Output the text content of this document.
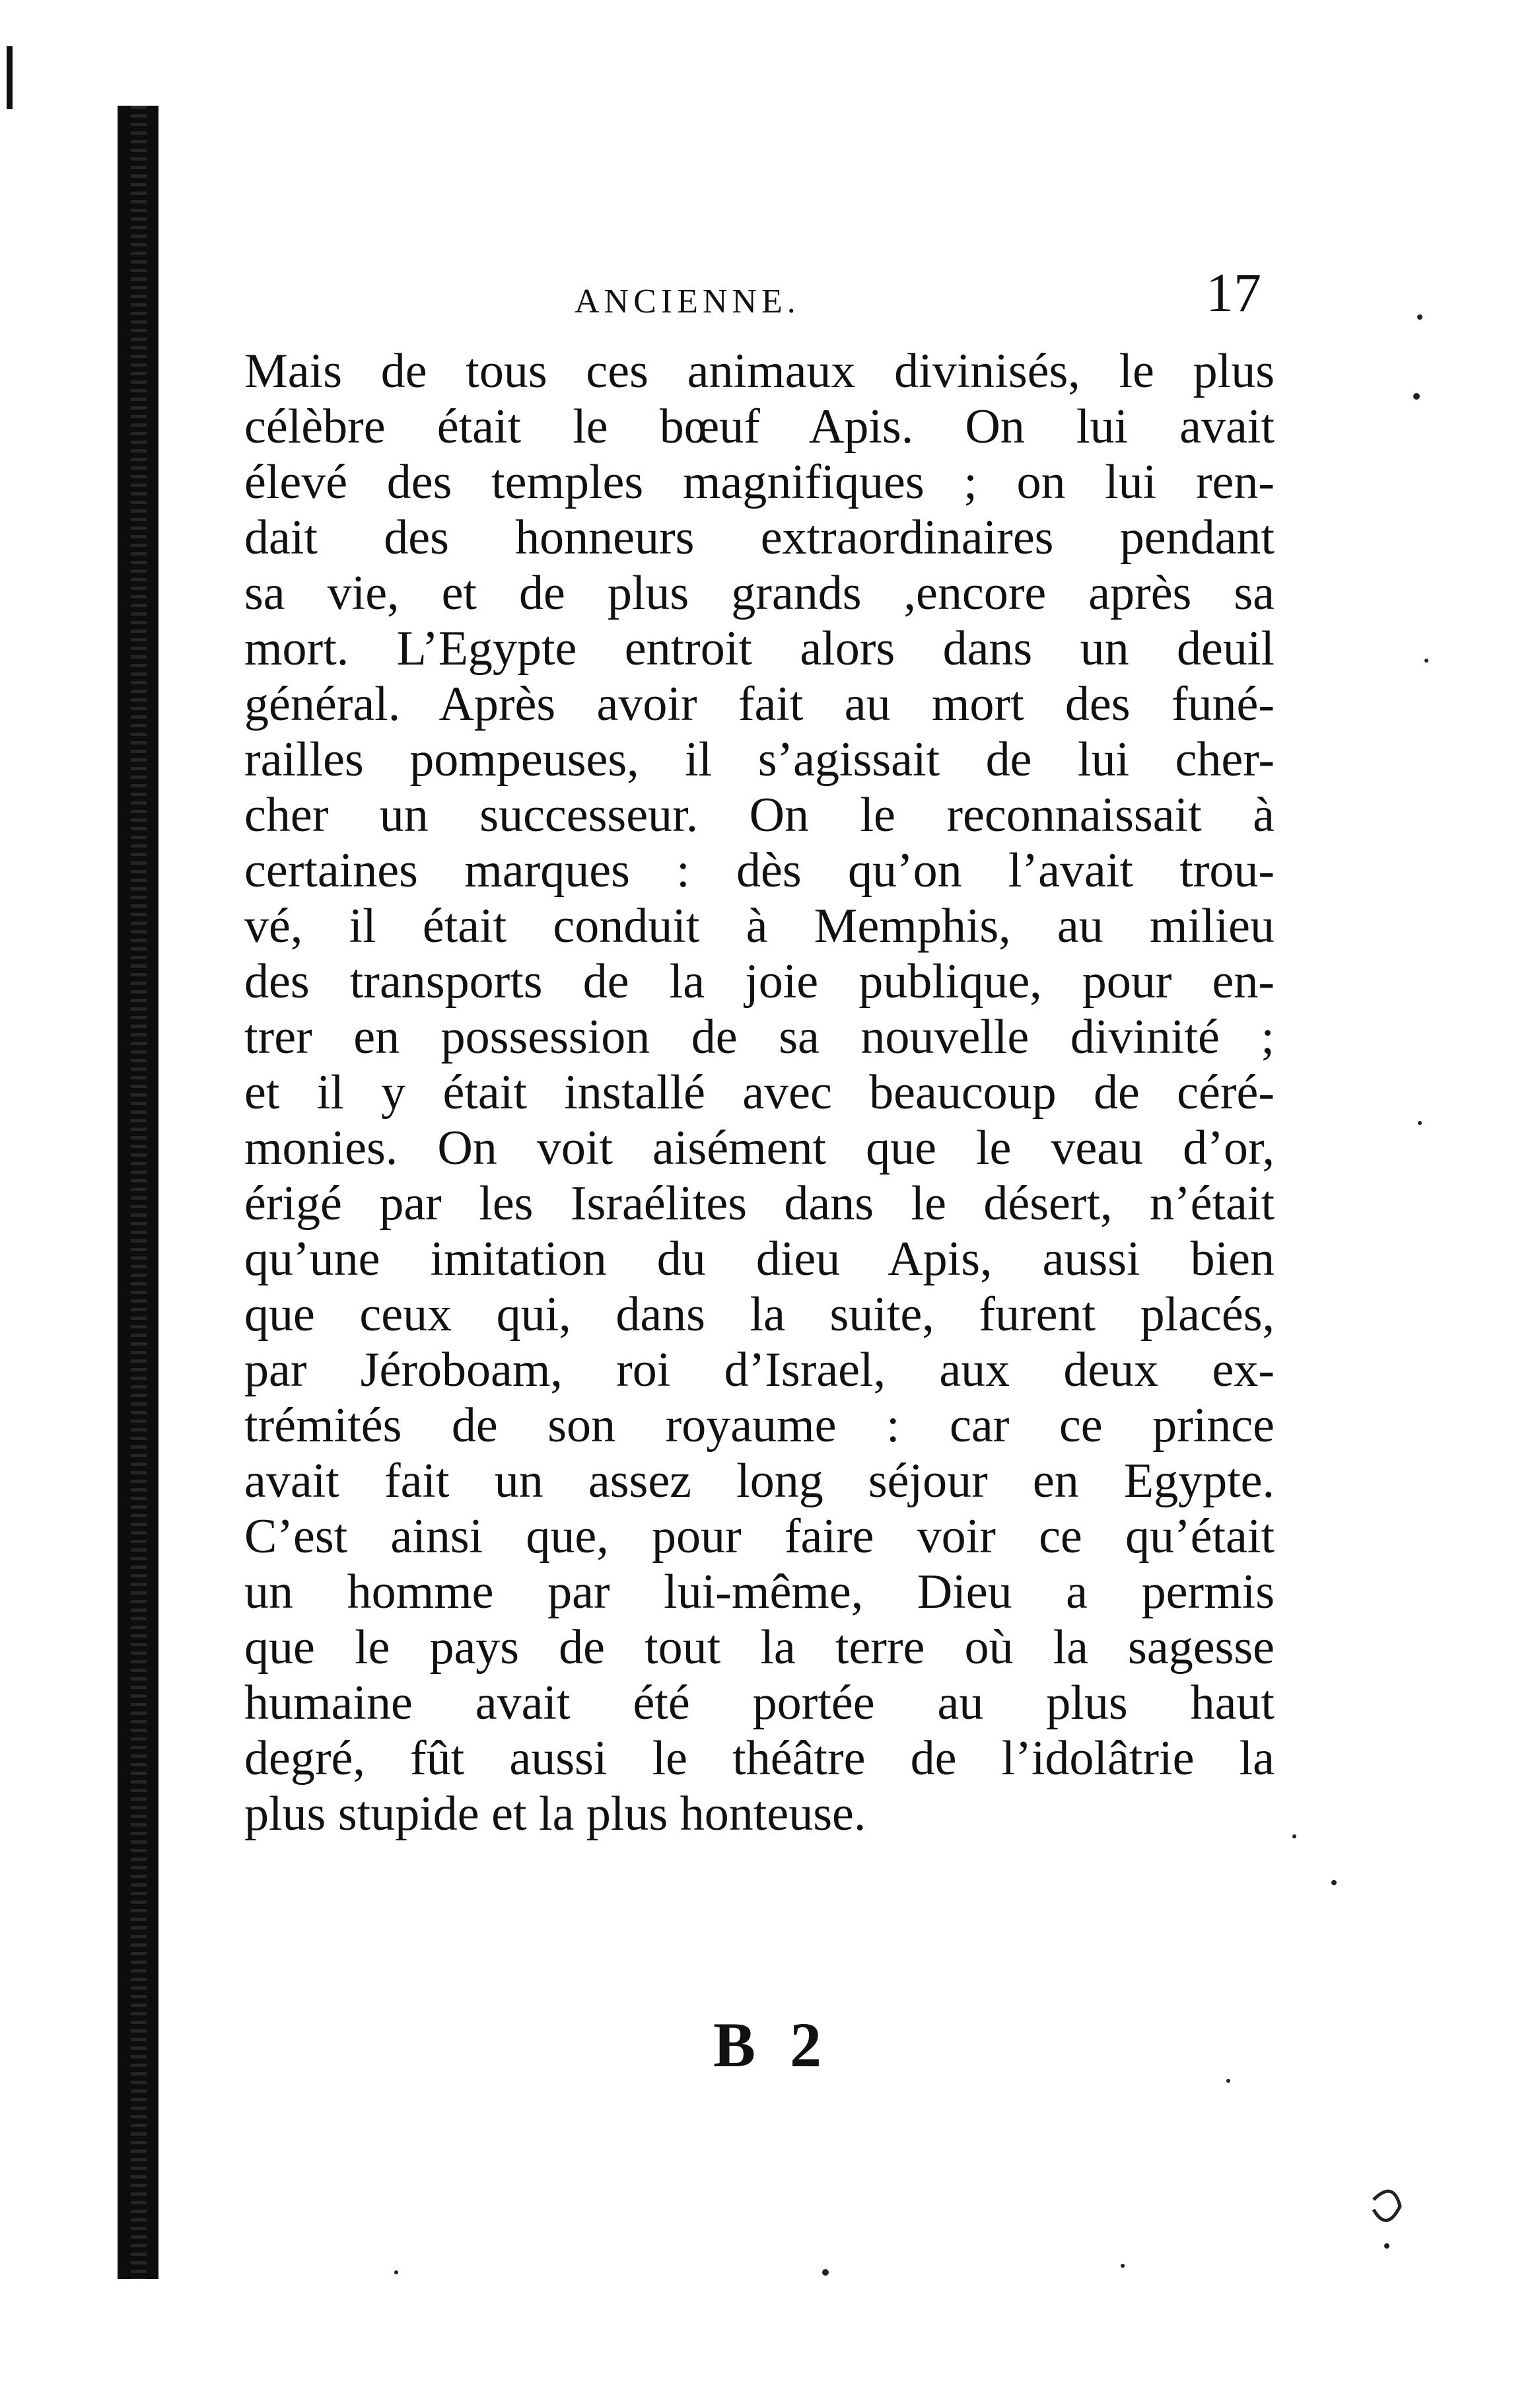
ANCIENNE.	17
Mais de tous ces animaux divinisés, le plus
célèbre était le bœuf Apis. On lui avait
élevé des temples magnifiques ; on lui ren-
dait des honneurs extraordinaires pendant
sa vie, et de plus grands ,encore après sa
mort. L’Egypte entroit alors dans un deuil
général. Après avoir fait au mort des funé-
railles pompeuses, il s’agissait de lui cher-
cher un successeur. On le reconnaissait à
certaines marques : dès qu’on l’avait trou-
vé, il était conduit à Memphis, au milieu
des transports de la joie publique, pour en-
trer en possession de sa nouvelle divinité ;
et il y était installé avec beaucoup de céré-
monies. On voit aisément que le veau d’or,
érigé par les Israélites dans le désert, n’était
qu’une imitation du dieu Apis, aussi bien
que ceux qui, dans la suite, furent placés,
par Jéroboam, roi d’Israel, aux deux ex-
trémités de son royaume : car ce prince
avait fait un assez long séjour en Egypte.
C’est ainsi que, pour faire voir ce qu’était
un homme par lui-même, Dieu a permis
que le pays de tout la terre où la sagesse
humaine avait été portée au plus haut
degré, fût aussi le théâtre de l’idolâtrie la
plus stupide et la plus honteuse.
B 2
